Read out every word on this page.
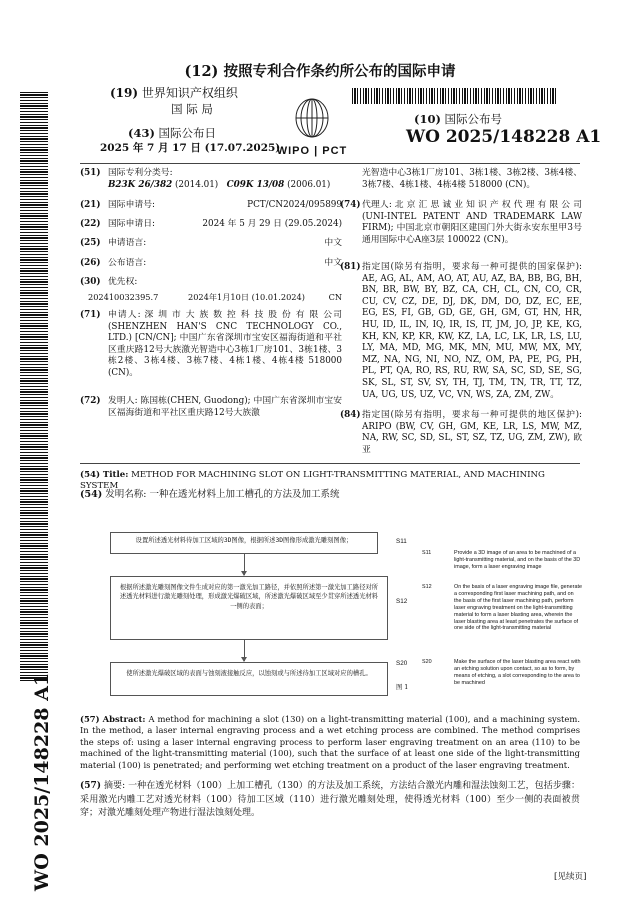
(12) 按照专利合作条约所公布的国际申请
(19) 世界知识产权组织
国 际 局
(43) 国际公布日
2025 年 7 月 17 日 (17.07.2025)
WIPO | PCT
(10) 国际公布号
WO 2025/148228 A1
WO 2025/148228 A1
(51) 国际专利分类号:
B23K 26/382 (2014.01) C09K 13/08 (2006.01)
(21) 国际申请号:	PCT/CN2024/095899
(22) 国际申请日:	2024 年 5 月 29 日 (29.05.2024)
(25) 申请语言:	中文
(26) 公布语言:	中文
(30) 优先权:
202410032395.7	2024年1月10日 (10.01.2024)	CN
(71) 申请人: 深 圳 市 大 族 数 控 科 技 股 份 有 限 公司(SHENZHEN HAN'S CNC TECHNOLOGY CO., LTD.) [CN/CN]; 中国广东省深圳市宝安区福海街道和平社区重庆路12号大族激光智造中心3栋1厂房101、3栋1楼、3栋2楼、3栋4楼、3栋7楼、4栋1楼、4栋4楼 518000 (CN)。
(72) 发明人: 陈国栋(CHEN, Guodong); 中国广东省深圳市宝安区福海街道和平社区重庆路12号大族激
光智造中心3栋1厂房101、3栋1楼、3栋2楼、3栋4楼、3栋7楼、4栋1楼、4栋4楼 518000 (CN)。
(74) 代理人: 北 京 汇 思 诚 业 知 识 产 权 代 理 有 限 公 司 (UNI-INTEL PATENT AND TRADEMARK LAW FIRM); 中国北京市朝阳区建国门外大街永安东里甲3号通用国际中心A座3层 100022 (CN)。
(81) 指定国(除另有指明，要求每一种可提供的国家保护): AE, AG, AL, AM, AO, AT, AU, AZ, BA, BB, BG, BH, BN, BR, BW, BY, BZ, CA, CH, CL, CN, CO, CR, CU, CV, CZ, DE, DJ, DK, DM, DO, DZ, EC, EE, EG, ES, FI, GB, GD, GE, GH, GM, GT, HN, HR, HU, ID, IL, IN, IQ, IR, IS, IT, JM, JO, JP, KE, KG, KH, KN, KP, KR, KW, KZ, LA, LC, LK, LR, LS, LU, LY, MA, MD, MG, MK, MN, MU, MW, MX, MY, MZ, NA, NG, NI, NO, NZ, OM, PA, PE, PG, PH, PL, PT, QA, RO, RS, RU, RW, SA, SC, SD, SE, SG, SK, SL, ST, SV, SY, TH, TJ, TM, TN, TR, TT, TZ, UA, UG, US, UZ, VC, VN, WS, ZA, ZM, ZW。
(84) 指定国(除另有指明，要求每一种可提供的地区保护): ARIPO (BW, CV, GH, GM, KE, LR, LS, MW, MZ, NA, RW, SC, SD, SL, ST, SZ, TZ, UG, ZM, ZW), 欧亚
(54) Title: METHOD FOR MACHINING SLOT ON LIGHT-TRANSMITTING MATERIAL, AND MACHINING SYSTEM
(54) 发明名称: 一种在透光材料上加工槽孔的方法及加工系统
设置所述透光材料待加工区域的3D图像，根据所述3D图像形成激光雕刻图像；	S11
根据所述激光雕刻图像文件生成对应的第一激光加工路径，并依照所述第一激光加工路径对所述透光材料进行激光雕刻处理，形成激光爆破区域，所述激光爆破区域至少贯穿所述透光材料一侧的表面；
S12
使所述激光爆破区域的表面与蚀刻液接触反应，以蚀刻或与所述待加工区域对应的槽孔。
S20
图 1
S11	Provide a 3D image of an area to be machined of a light-transmitting material, and on the basis of the 3D image, form a laser engraving image
S12	On the basis of a laser engraving image file, generate a corresponding first laser machining path, and on the basis of the first laser machining path, perform laser engraving treatment on the light-transmitting material to form a laser blasting area, wherein the laser blasting area at least penetrates the surface of one side of the light-transmitting material
S20	Make the surface of the laser blasting area react with an etching solution upon contact, so as to form, by means of etching, a slot corresponding to the area to be machined
(57) Abstract: A method for machining a slot (130) on a light-transmitting material (100), and a machining system. In the method, a laser internal engraving process and a wet etching process are combined. The method comprises the steps of: using a laser internal engraving process to perform laser engraving treatment on an area (110) to be machined of the light-transmitting material (100), such that the surface of at least one side of the light-transmitting material (100) is penetrated; and performing wet etching treatment on a product of the laser engraving treatment.
(57) 摘要: 一种在透光材料（100）上加工槽孔（130）的方法及加工系统，方法结合激光内雕和湿法蚀刻工艺，包括步骤：采用激光内雕工艺对透光材料（100）待加工区域（110）进行激光雕刻处理，使得透光材料（100）至少一侧的表面被贯穿；对激光雕刻处理产物进行湿法蚀刻处理。
[见续页]
